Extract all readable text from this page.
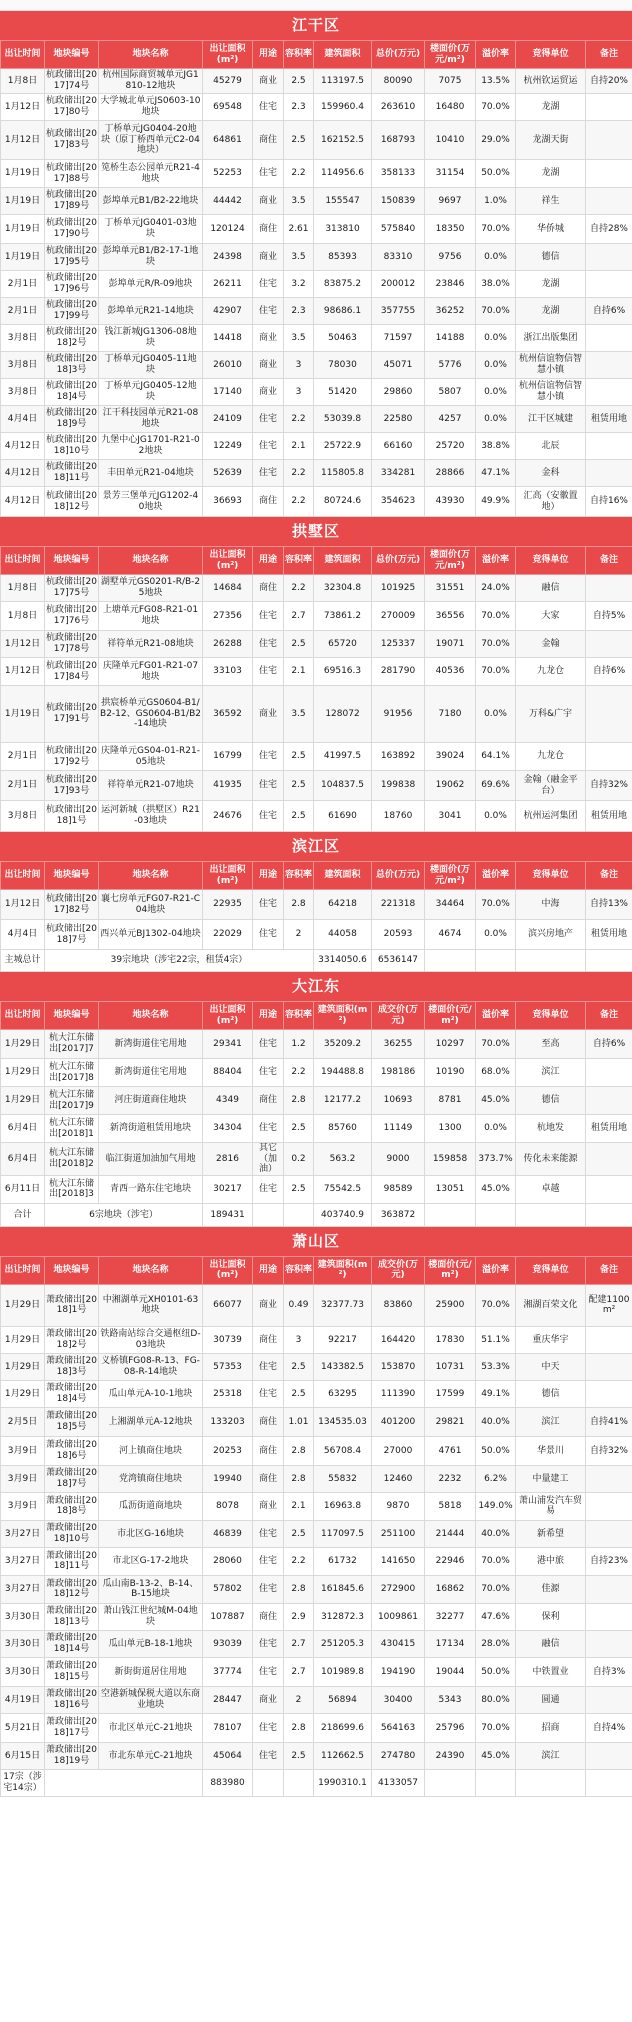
江干区
出让时间	地块编号	地块名称	出让面积(m²)	用途	容积率	建筑面积	总价(万元)	楼面价(万元/m²)	溢价率	竞得单位	备注
1月8日	杭政储出[2017]74号	杭州国际商贸城单元JG1810-12地块	45279	商业	2.5	113197.5	80090	7075	13.5%	杭州钦运贸运	自持20%
1月12日	杭政储出[2017]80号	大学城北单元JS0603-10地块	69548	住宅	2.3	159960.4	263610	16480	70.0%	龙湖	
1月12日	杭政储出[2017]83号	丁桥单元JG0404-20地块（原丁桥西单元C2-04地块）	64861	商住	2.5	162152.5	168793	10410	29.0%	龙湖天街	
1月19日	杭政储出[2017]88号	笕桥生态公园单元R21-4地块	52253	住宅	2.2	114956.6	358133	31154	50.0%	龙湖	
1月19日	杭政储出[2017]89号	彭埠单元B1/B2-22地块	44442	商业	3.5	155547	150839	9697	1.0%	祥生	
1月19日	杭政储出[2017]90号	丁桥单元JG0401-03地块	120124	商住	2.61	313810	575840	18350	70.0%	华侨城	自持28%
1月19日	杭政储出[2017]95号	彭埠单元B1/B2-17-1地块	24398	商业	3.5	85393	83310	9756	0.0%	德信	
2月1日	杭政储出[2017]96号	彭埠单元R/R-09地块	26211	住宅	3.2	83875.2	200012	23846	38.0%	龙湖	
2月1日	杭政储出[2017]99号	彭埠单元R21-14地块	42907	住宅	2.3	98686.1	357755	36252	70.0%	龙湖	自持6%
3月8日	杭政储出[2018]2号	钱江新城JG1306-08地块	14418	商业	3.5	50463	71597	14188	0.0%	浙江出版集团	
3月8日	杭政储出[2018]3号	丁桥单元JG0405-11地块	26010	商业	3	78030	45071	5776	0.0%	杭州信谊物信智慧小镇	
3月8日	杭政储出[2018]4号	丁桥单元JG0405-12地块	17140	商业	3	51420	29860	5807	0.0%	杭州信谊物信智慧小镇	
4月4日	杭政储出[2018]9号	江干科技园单元R21-08地块	24109	住宅	2.2	53039.8	22580	4257	0.0%	江干区城建	租赁用地
4月12日	杭政储出[2018]10号	九堡中心JG1701-R21-02地块	12249	住宅	2.1	25722.9	66160	25720	38.8%	北辰	
4月12日	杭政储出[2018]11号	丰田单元R21-04地块	52639	住宅	2.2	115805.8	334281	28866	47.1%	金科	
4月12日	杭政储出[2018]12号	景芳三堡单元JG1202-40地块	36693	商住	2.2	80724.6	354623	43930	49.9%	汇高（安徽置地）	自持16%
拱墅区
出让时间	地块编号	地块名称	出让面积(m²)	用途	容积率	建筑面积	总价(万元)	楼面价(万元/m²)	溢价率	竞得单位	备注
1月8日	杭政储出[2017]75号	湖墅单元GS0201-R/B-25地块	14684	商住	2.2	32304.8	101925	31551	24.0%	融信	
1月8日	杭政储出[2017]76号	上塘单元FG08-R21-01地块	27356	住宅	2.7	73861.2	270009	36556	70.0%	大家	自持5%
1月12日	杭政储出[2017]78号	祥符单元R21-08地块	26288	住宅	2.5	65720	125337	19071	70.0%	金翰	
1月12日	杭政储出[2017]84号	庆隆单元FG01-R21-07地块	33103	住宅	2.1	69516.3	281790	40536	70.0%	九龙仓	自持6%
1月19日	杭政储出[2017]91号	拱宸桥单元GS0604-B1/B2-12、GS0604-B1/B2-14地块	36592	商业	3.5	128072	91956	7180	0.0%	万科&广宇	
2月1日	杭政储出[2017]92号	庆隆单元GS04-01-R21-05地块	16799	住宅	2.5	41997.5	163892	39024	64.1%	九龙仓	
2月1日	杭政储出[2017]93号	祥符单元R21-07地块	41935	住宅	2.5	104837.5	199838	19062	69.6%	金翰（融金平台）	自持32%
3月8日	杭政储出[2018]1号	运河新城（拱墅区）R21-03地块	24676	住宅	2.5	61690	18760	3041	0.0%	杭州运河集团	租赁用地
滨江区
出让时间	地块编号	地块名称	出让面积(m²)	用途	容积率	建筑面积	总价(万元)	楼面价(万元/m²)	溢价率	竞得单位	备注
1月12日	杭政储出[2017]82号	襄七房单元FG07-R21-C04地块	22935	住宅	2.8	64218	221318	34464	70.0%	中海	自持13%
4月4日	杭政储出[2018]7号	西兴单元BJ1302-04地块	22029	住宅	2	44058	20593	4674	0.0%	滨兴房地产	租赁用地
主城总计	39宗地块（涉宅22宗，租赁4宗）					3314050.6	6536147				
大江东
出让时间	地块编号	地块名称	出让面积(m²)	用途	容积率	建筑面积(m²)	成交价(万元)	楼面价(元/m²)	溢价率	竞得单位	备注
1月29日	杭大江东储出[2017]7	新湾街道住宅用地	29341	住宅	1.2	35209.2	36255	10297	70.0%	至高	自持6%
1月29日	杭大江东储出[2017]8	新湾街道住宅用地	88404	住宅	2.2	194488.8	198186	10190	68.0%	滨江	
1月29日	杭大江东储出[2017]9	河庄街道商住地块	4349	商住	2.8	12177.2	10693	8781	45.0%	德信	
6月4日	杭大江东储出[2018]1	新湾街道租赁用地块	34304	住宅	2.5	85760	11149	1300	0.0%	杭地发	租赁用地
6月4日	杭大江东储出[2018]2	临江街道加油加气用地	2816	其它（加油）	0.2	563.2	9000	159858	373.7%	传化未来能源	
6月11日	杭大江东储出[2018]3	青西一路东住宅地块	30217	住宅	2.5	75542.5	98589	13051	45.0%	卓越	
合计	6宗地块（涉宅）		189431			403740.9	363872				
萧山区
出让时间	地块编号	地块名称	出让面积(m²)	用途	容积率	建筑面积(m²)	成交价(万元)	楼面价(元/m²)	溢价率	竞得单位	备注
1月29日	萧政储出[2018]1号	中湘湖单元XH0101-63地块	66077	商业	0.49	32377.73	83860	25900	70.0%	湘湖百荣文化	配建1100m²
1月29日	萧政储出[2018]2号	铁路南站综合交通枢纽D-03地块	30739	商住	3	92217	164420	17830	51.1%	重庆华宇	
1月29日	萧政储出[2018]3号	义桥镇FG08-R-13、FG-08-R-14地块	57353	住宅	2.5	143382.5	153870	10731	53.3%	中天	
1月29日	萧政储出[2018]4号	瓜山单元A-10-1地块	25318	住宅	2.5	63295	111390	17599	49.1%	德信	
2月5日	萧政储出[2018]5号	上湘湖单元A-12地块	133203	商住	1.01	134535.03	401200	29821	40.0%	滨江	自持41%
3月9日	萧政储出[2018]6号	河上镇商住地块	20253	商住	2.8	56708.4	27000	4761	50.0%	华景川	自持32%
3月9日	萧政储出[2018]7号	党湾镇商住地块	19940	商住	2.8	55832	12460	2232	6.2%	中量建工	
3月9日	萧政储出[2018]8号	瓜沥街道商地块	8078	商业	2.1	16963.8	9870	5818	149.0%	萧山浦发汽车贸易	
3月27日	萧政储出[2018]10号	市北区G-16地块	46839	住宅	2.5	117097.5	251100	21444	40.0%	新希望	
3月27日	萧政储出[2018]11号	市北区G-17-2地块	28060	住宅	2.2	61732	141650	22946	70.0%	港中旅	自持23%
3月27日	萧政储出[2018]12号	瓜山南B-13-2、B-14、B-15地块	57802	住宅	2.8	161845.6	272900	16862	70.0%	佳源	
3月30日	萧政储出[2018]13号	萧山钱江世纪城M-04地块	107887	商住	2.9	312872.3	1009861	32277	47.6%	保利	
3月30日	萧政储出[2018]14号	瓜山单元B-18-1地块	93039	住宅	2.7	251205.3	430415	17134	28.0%	融信	
3月30日	萧政储出[2018]15号	新街街道居住用地	37774	住宅	2.7	101989.8	194190	19044	50.0%	中铁置业	自持3%
4月19日	萧政储出[2018]16号	空港新城保税大道以东商业地块	28447	商业	2	56894	30400	5343	80.0%	圆通	
5月21日	萧政储出[2018]17号	市北区单元C-21地块	78107	住宅	2.8	218699.6	564163	25796	70.0%	招商	自持4%
6月15日	萧政储出[2018]19号	市北东单元C-21地块	45064	住宅	2.5	112662.5	274780	24390	45.0%	滨江	
17宗（涉宅14宗）			883980			1990310.1	4133057				
